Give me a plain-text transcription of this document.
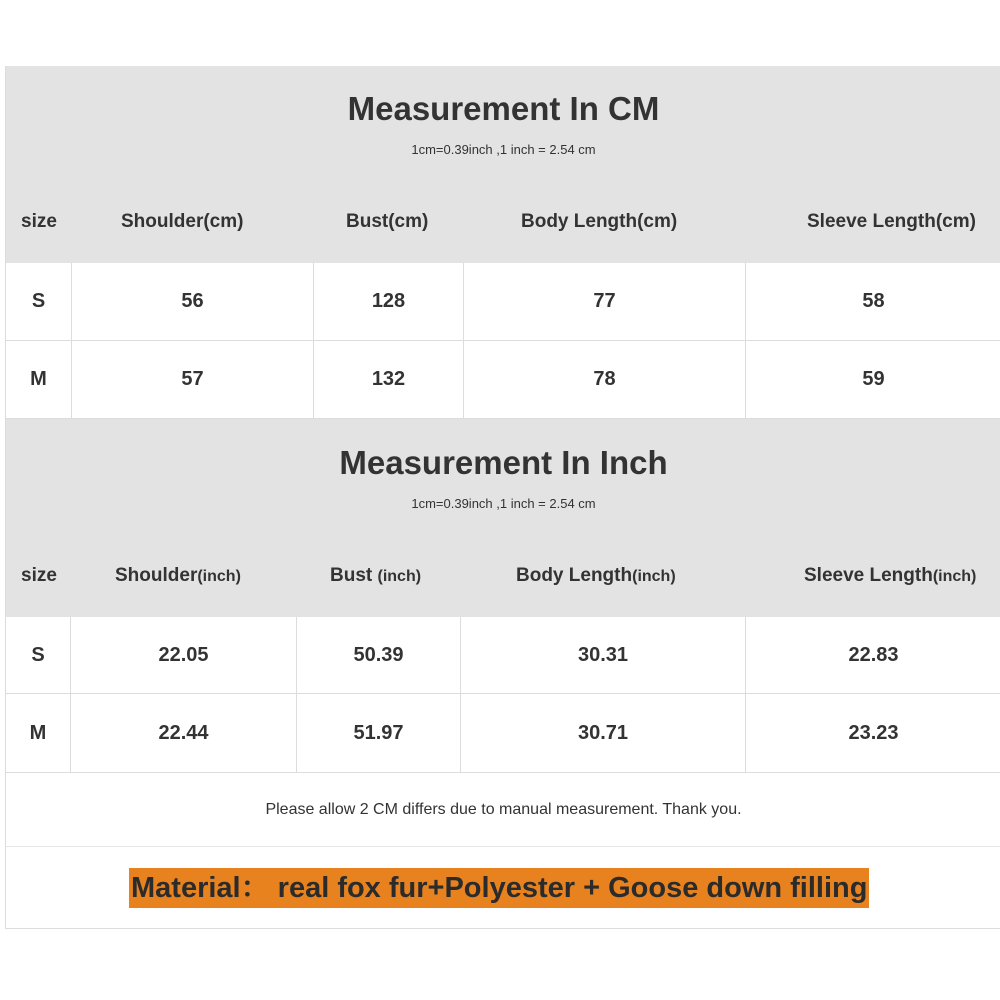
Measurement In CM
1cm=0.39inch ,1 inch = 2.54 cm
size	Shoulder(cm)	Bust(cm)	Body Length(cm)	Sleeve Length(cm)
S	56	128	77	58
M	57	132	78	59
Measurement In Inch
1cm=0.39inch ,1 inch = 2.54 cm
size	Shoulder(inch)	Bust (inch)	Body Length(inch)	Sleeve Length(inch)
S	22.05	50.39	30.31	22.83
M	22.44	51.97	30.71	23.23
Please allow 2 CM differs due to manual measurement. Thank you.
Material： real fox fur+Polyester + Goose down filling
